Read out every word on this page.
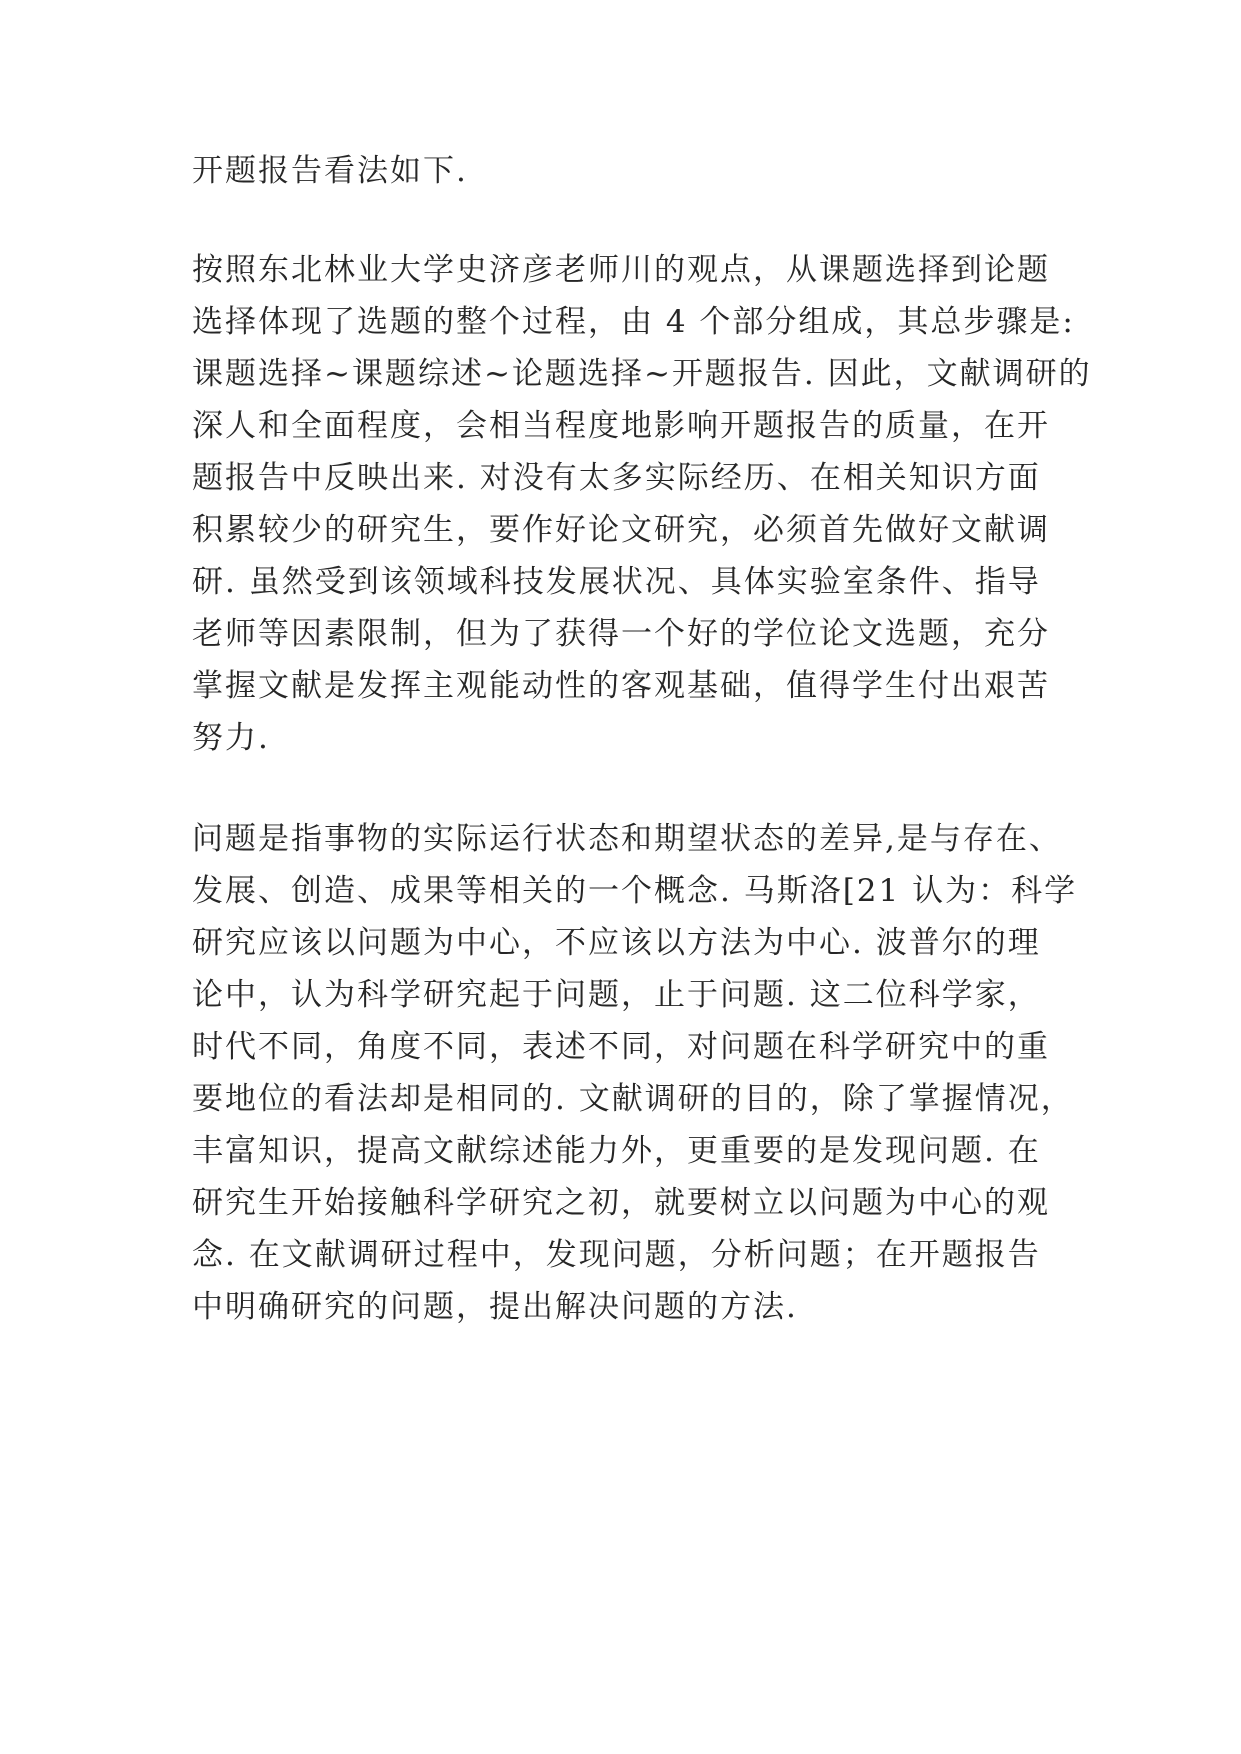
开题报告看法如下.
按照东北林业大学史济彦老师川的观点，从课题选择到论题
选择体现了选题的整个过程，由 4 个部分组成，其总步骤是:
课题选择~课题综述~论题选择~开题报告. 因此，文献调研的
深人和全面程度，会相当程度地影响开题报告的质量，在开
题报告中反映出来. 对没有太多实际经历、在相关知识方面
积累较少的研究生，要作好论文研究，必须首先做好文献调
研. 虽然受到该领域科技发展状况、具体实验室条件、指导
老师等因素限制，但为了获得一个好的学位论文选题，充分
掌握文献是发挥主观能动性的客观基础，值得学生付出艰苦
努力.
问题是指事物的实际运行状态和期望状态的差异,是与存在、
发展、创造、成果等相关的一个概念. 马斯洛[21 认为：科学
研究应该以问题为中心，不应该以方法为中心. 波普尔的理
论中，认为科学研究起于问题，止于问题. 这二位科学家，
时代不同，角度不同，表述不同，对问题在科学研究中的重
要地位的看法却是相同的. 文献调研的目的，除了掌握情况，
丰富知识，提高文献综述能力外，更重要的是发现问题. 在
研究生开始接触科学研究之初，就要树立以问题为中心的观
念. 在文献调研过程中，发现问题，分析问题；在开题报告
中明确研究的问题，提出解决问题的方法.
